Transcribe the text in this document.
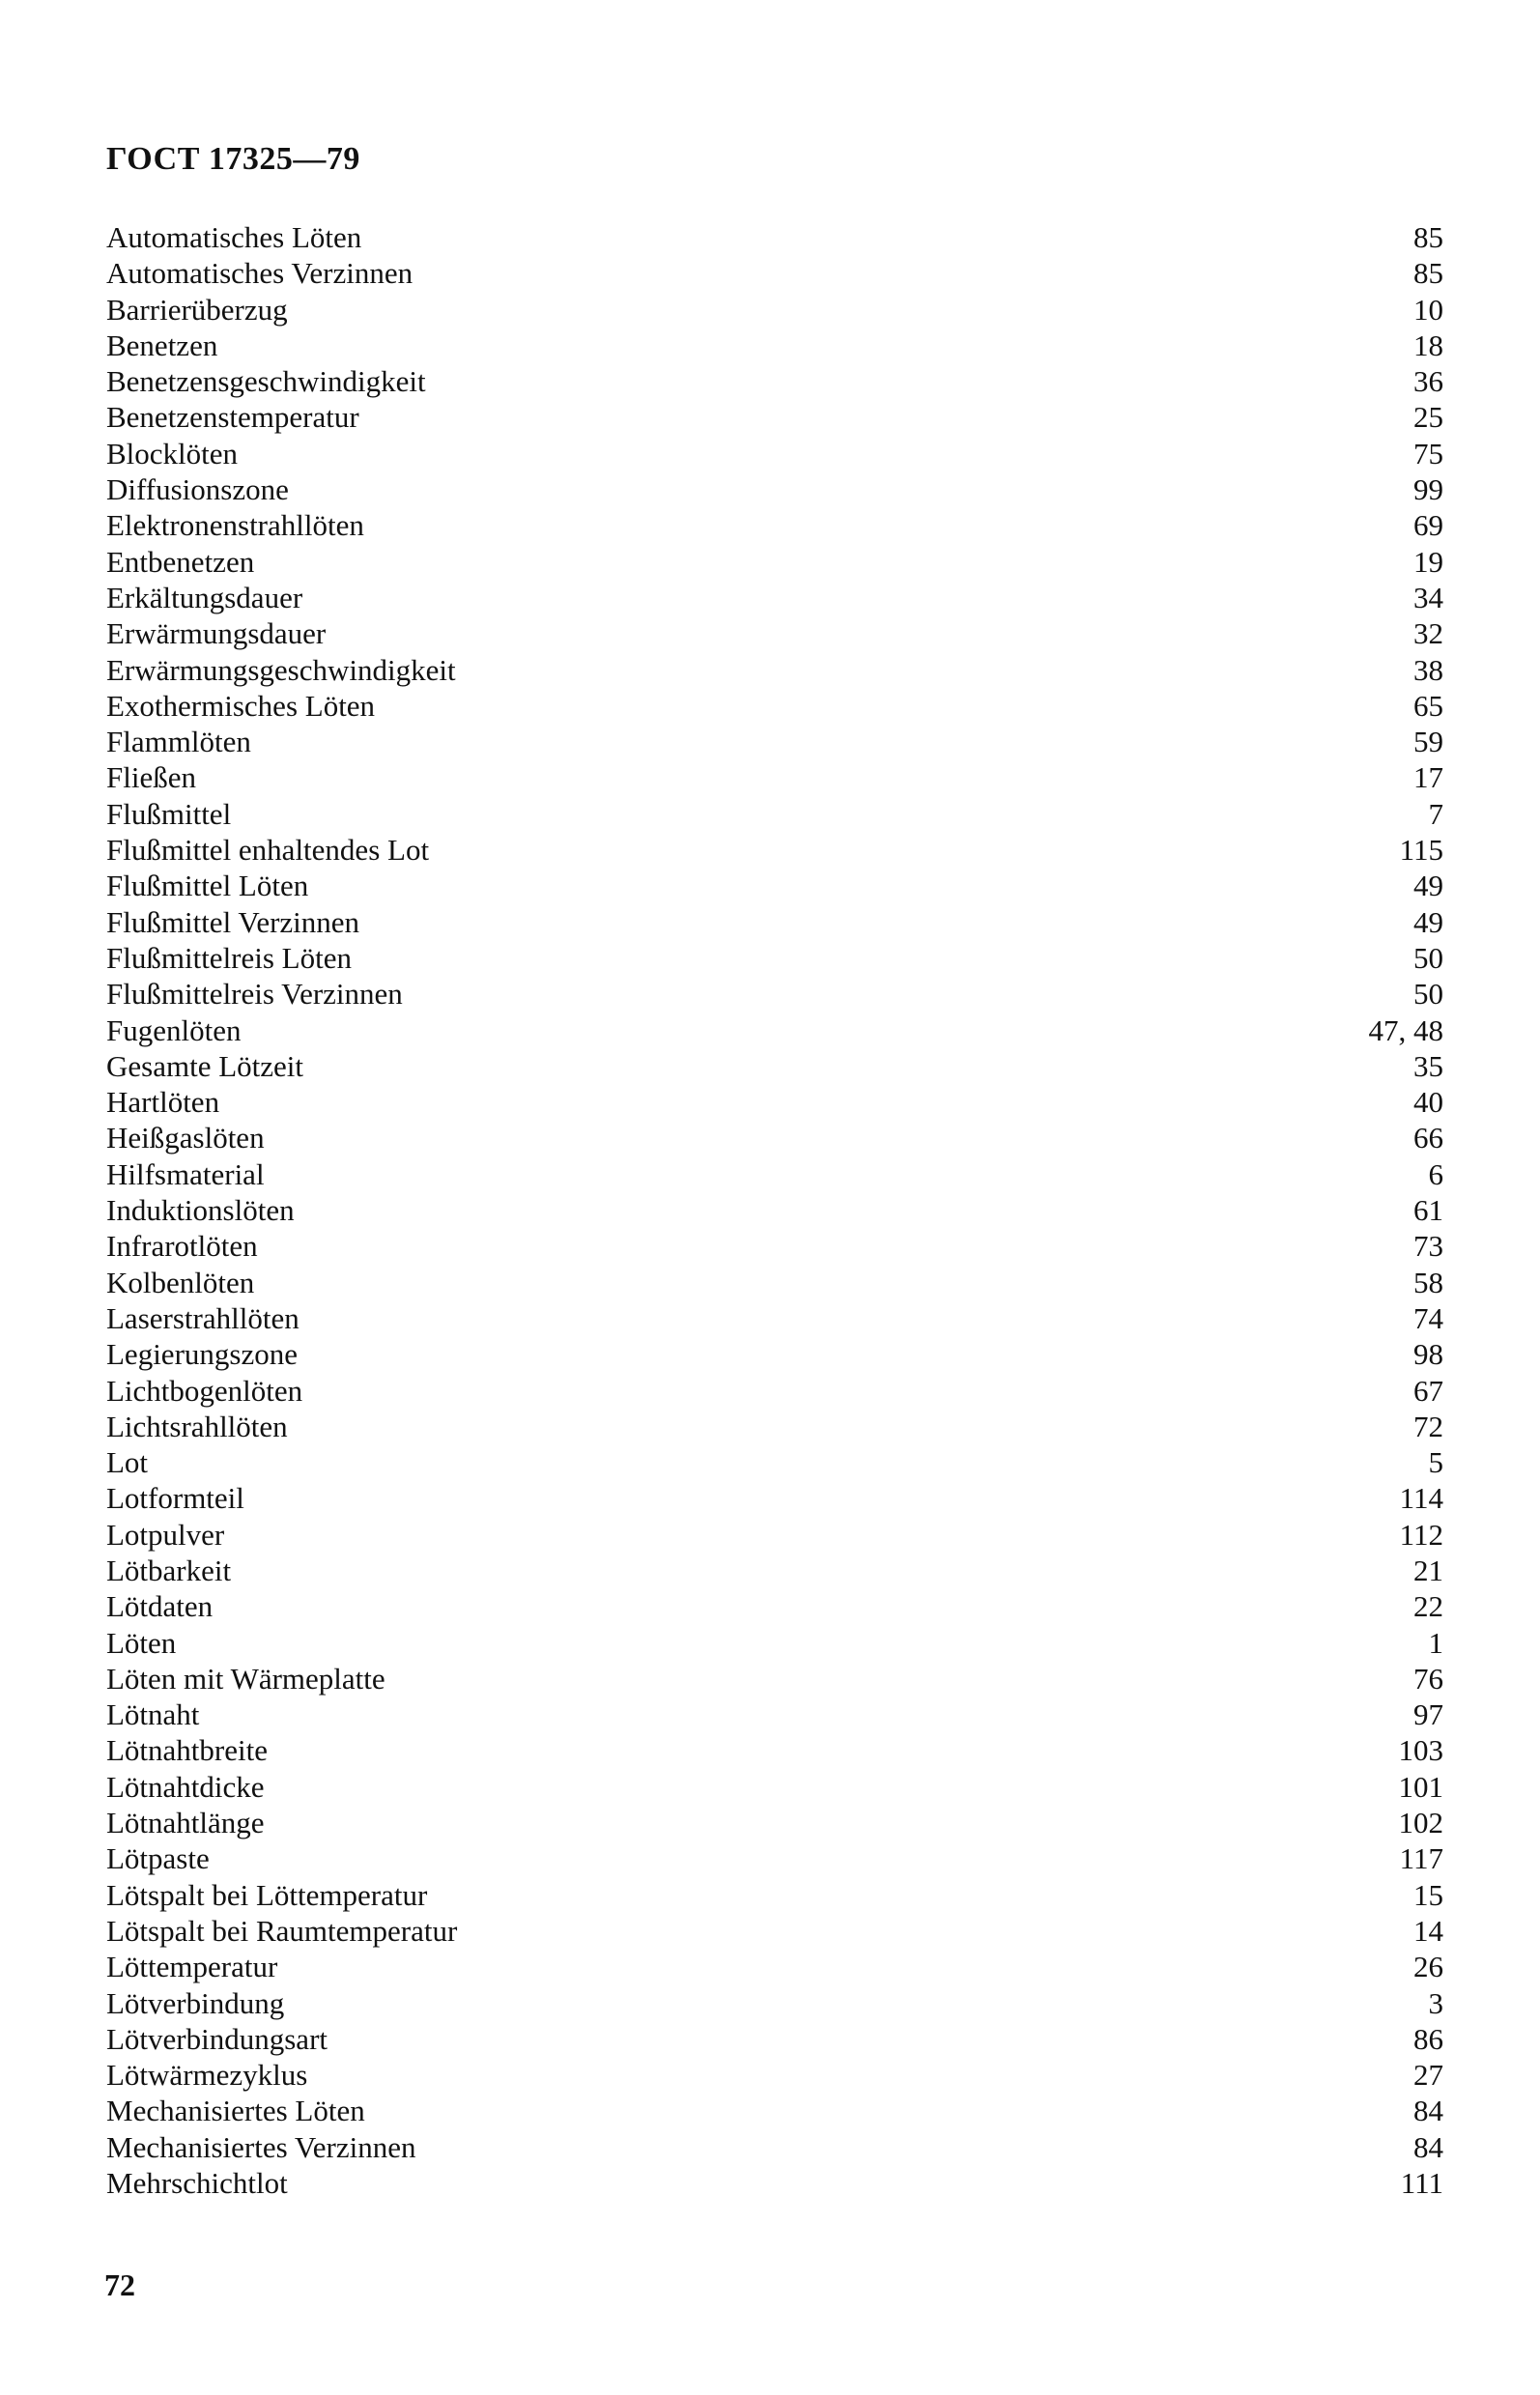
ГОСТ 17325—79
Automatisches Löten	85
Automatisches Verzinnen	85
Barrierüberzug	10
Benetzen	18
Benetzensgeschwindigkeit	36
Benetzenstemperatur	25
Blocklöten	75
Diffusionszone	99
Elektronenstrahllöten	69
Entbenetzen	19
Erkältungsdauer	34
Erwärmungsdauer	32
Erwärmungsgeschwindigkeit	38
Exothermisches Löten	65
Flammlöten	59
Fließen	17
Flußmittel	7
Flußmittel enhaltendes Lot	115
Flußmittel Löten	49
Flußmittel Verzinnen	49
Flußmittelreis Löten	50
Flußmittelreis Verzinnen	50
Fugenlöten	47, 48
Gesamte Lötzeit	35
Hartlöten	40
Heißgaslöten	66
Hilfsmaterial	6
Induktionslöten	61
Infrarotlöten	73
Kolbenlöten	58
Laserstrahllöten	74
Legierungszone	98
Lichtbogenlöten	67
Lichtsrahllöten	72
Lot	5
Lotformteil	114
Lotpulver	112
Lötbarkeit	21
Lötdaten	22
Löten	1
Löten mit Wärmeplatte	76
Lötnaht	97
Lötnahtbreite	103
Lötnahtdicke	101
Lötnahtlänge	102
Lötpaste	117
Lötspalt bei Löttemperatur	15
Lötspalt bei Raumtemperatur	14
Löttemperatur	26
Lötverbindung	3
Lötverbindungsart	86
Lötwärmezyklus	27
Mechanisiertes Löten	84
Mechanisiertes Verzinnen	84
Mehrschichtlot	111
72
